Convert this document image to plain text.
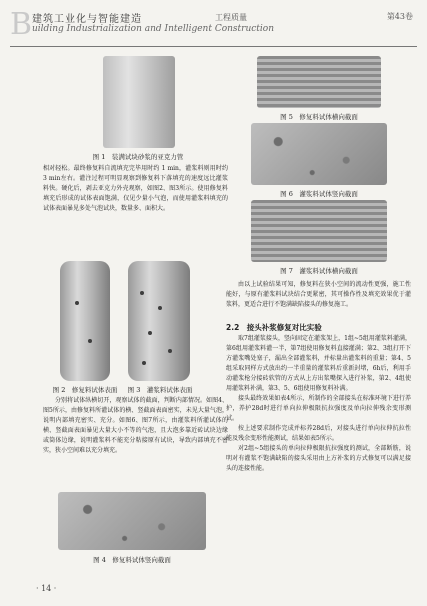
B 建筑工业化与智能建造
uilding Industrialization and Intelligent Construction
工程质量	第43卷
图 1　装满试块砂浆的亚克力管

相对轻松。最终修复料自流填充完毕用时约 1 min，灌浆料则用时约 3 min左右。灌注过程可明显观察到修复料下落填充的速度远比灌浆料快。硬化后，剥去亚克力外壳观察，如图2、图3所示。使用修复料填充后形成的试体表面饱满，仅见少量小气泡，而使用灌浆料填充的试体表面暴见多处气泡试块，数量多、面积大。

图 2　修复料试体表面	图 3　灌浆料试体表面

分别将试体纵横切开，观察试体的截面，判断内部情况。如图4、图5所示，由修复料所灌试体的横、竖截面表面密实，未见大量气泡，说明内部填充密实、充分。如图6、图7所示，由灌浆料所灌试体的横、竖截面表面暴见大量大小不等的气泡，且大泡多靠近砖试块边缘或筒体边缘，说明灌浆料不能充分粘接原有试块，导致内部填充不密实，狭小空间难以充分填充。

图 4　修复料试体竖向截面
图 5　修复料试体横向截面
图 6　灌浆料试体竖向截面
图 7　灌浆料试体横向截面

由以上试验结果可知，修复料在狭小空间的流动性更强，施工性能好，与原有灌浆料试块结合更紧密，其可操作性及填充效果优于灌浆料，更适合进行不饱满缺陷接头的修复施工。

2.2　接头补浆修复对比实验

取7组灌浆接头，竖向固定在灌浆架上，1组~5组用灌浆料灌满，第6组用灌浆料灌一半，第7组使用修复料直接灌满；第2、3组打开下方灌浆嘴处塞子，漏出全部灌浆料，并标量出灌浆料的重量；第4、5组采取同样方式放出约一半重量的灌浆料后重新封堵，6h后，利用手动灌浆枪分接砖软管的方式从上方出浆嘴探入进行补浆，第2、4组使用灌浆料补满，第3、5、6组使用修复料补满。

接头最终效果如表4所示，所制作的全部接头在标准环境下进行养护，养护28d时进行单向拉伸极限抗拉强度及单向拉伸残余变形测试。

按上述要求制作完成并标养28d后，对接头进行单向拉伸抗拉性能及残余变形性能测试，结果如表5所示。

对2组~5组接头的单向拉伸极限抗拉强度的测试，全部断筋，说明对有灌浆不饱满缺陷的接头采用由上方补浆的方式修复可以满足接头的连接性能。

· 14 ·
